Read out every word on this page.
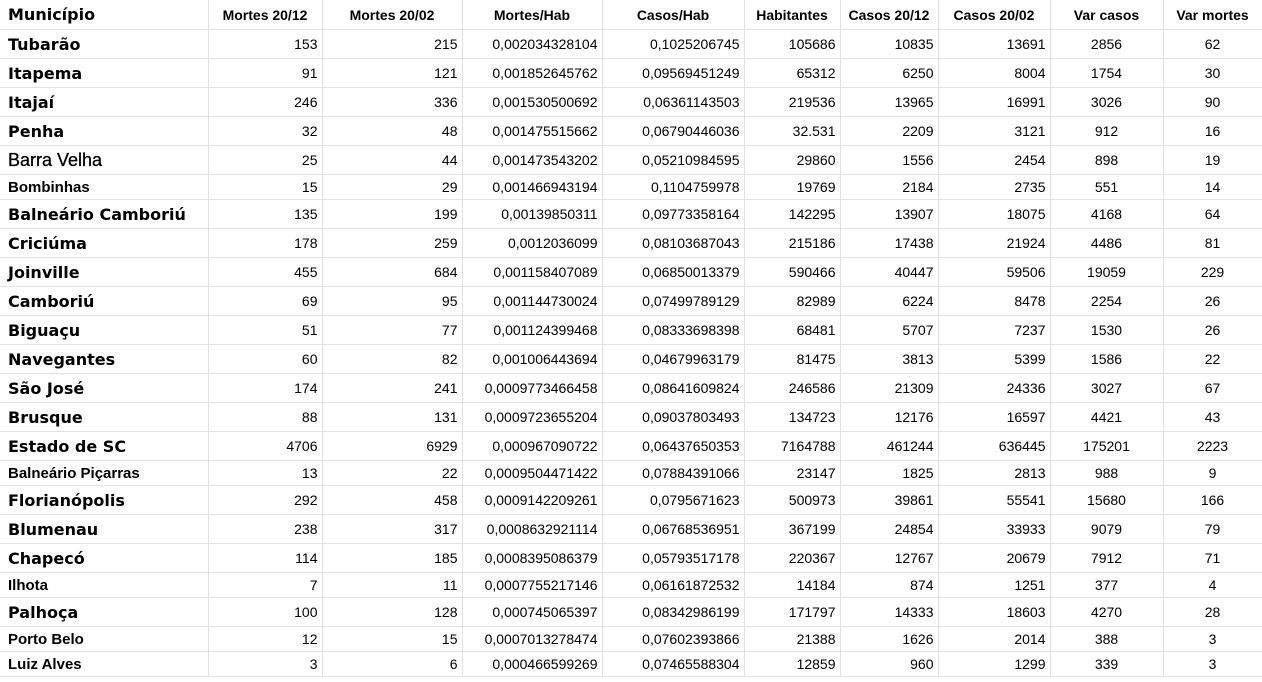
Município	Mortes 20/12	Mortes 20/02	Mortes/Hab	Casos/Hab	Habitantes	Casos 20/12	Casos 20/02	Var casos	Var mortes
Tubarão	153	215	0,002034328104	0,1025206745	105686	10835	13691	2856	62
Itapema	91	121	0,001852645762	0,09569451249	65312	6250	8004	1754	30
Itajaí	246	336	0,001530500692	0,06361143503	219536	13965	16991	3026	90
Penha	32	48	0,001475515662	0,06790446036	32.531	2209	3121	912	16
Barra Velha	25	44	0,001473543202	0,05210984595	29860	1556	2454	898	19
Bombinhas	15	29	0,001466943194	0,1104759978	19769	2184	2735	551	14
Balneário Camboriú	135	199	0,00139850311	0,09773358164	142295	13907	18075	4168	64
Criciúma	178	259	0,0012036099	0,08103687043	215186	17438	21924	4486	81
Joinville	455	684	0,001158407089	0,06850013379	590466	40447	59506	19059	229
Camboriú	69	95	0,001144730024	0,07499789129	82989	6224	8478	2254	26
Biguaçu	51	77	0,001124399468	0,08333698398	68481	5707	7237	1530	26
Navegantes	60	82	0,001006443694	0,04679963179	81475	3813	5399	1586	22
São José	174	241	0,0009773466458	0,08641609824	246586	21309	24336	3027	67
Brusque	88	131	0,0009723655204	0,09037803493	134723	12176	16597	4421	43
Estado de SC	4706	6929	0,000967090722	0,06437650353	7164788	461244	636445	175201	2223
Balneário Piçarras	13	22	0,0009504471422	0,07884391066	23147	1825	2813	988	9
Florianópolis	292	458	0,0009142209261	0,0795671623	500973	39861	55541	15680	166
Blumenau	238	317	0,0008632921114	0,06768536951	367199	24854	33933	9079	79
Chapecó	114	185	0,0008395086379	0,05793517178	220367	12767	20679	7912	71
Ilhota	7	11	0,0007755217146	0,06161872532	14184	874	1251	377	4
Palhoça	100	128	0,000745065397	0,08342986199	171797	14333	18603	4270	28
Porto Belo	12	15	0,0007013278474	0,07602393866	21388	1626	2014	388	3
Luiz Alves	3	6	0,000466599269	0,07465588304	12859	960	1299	339	3
